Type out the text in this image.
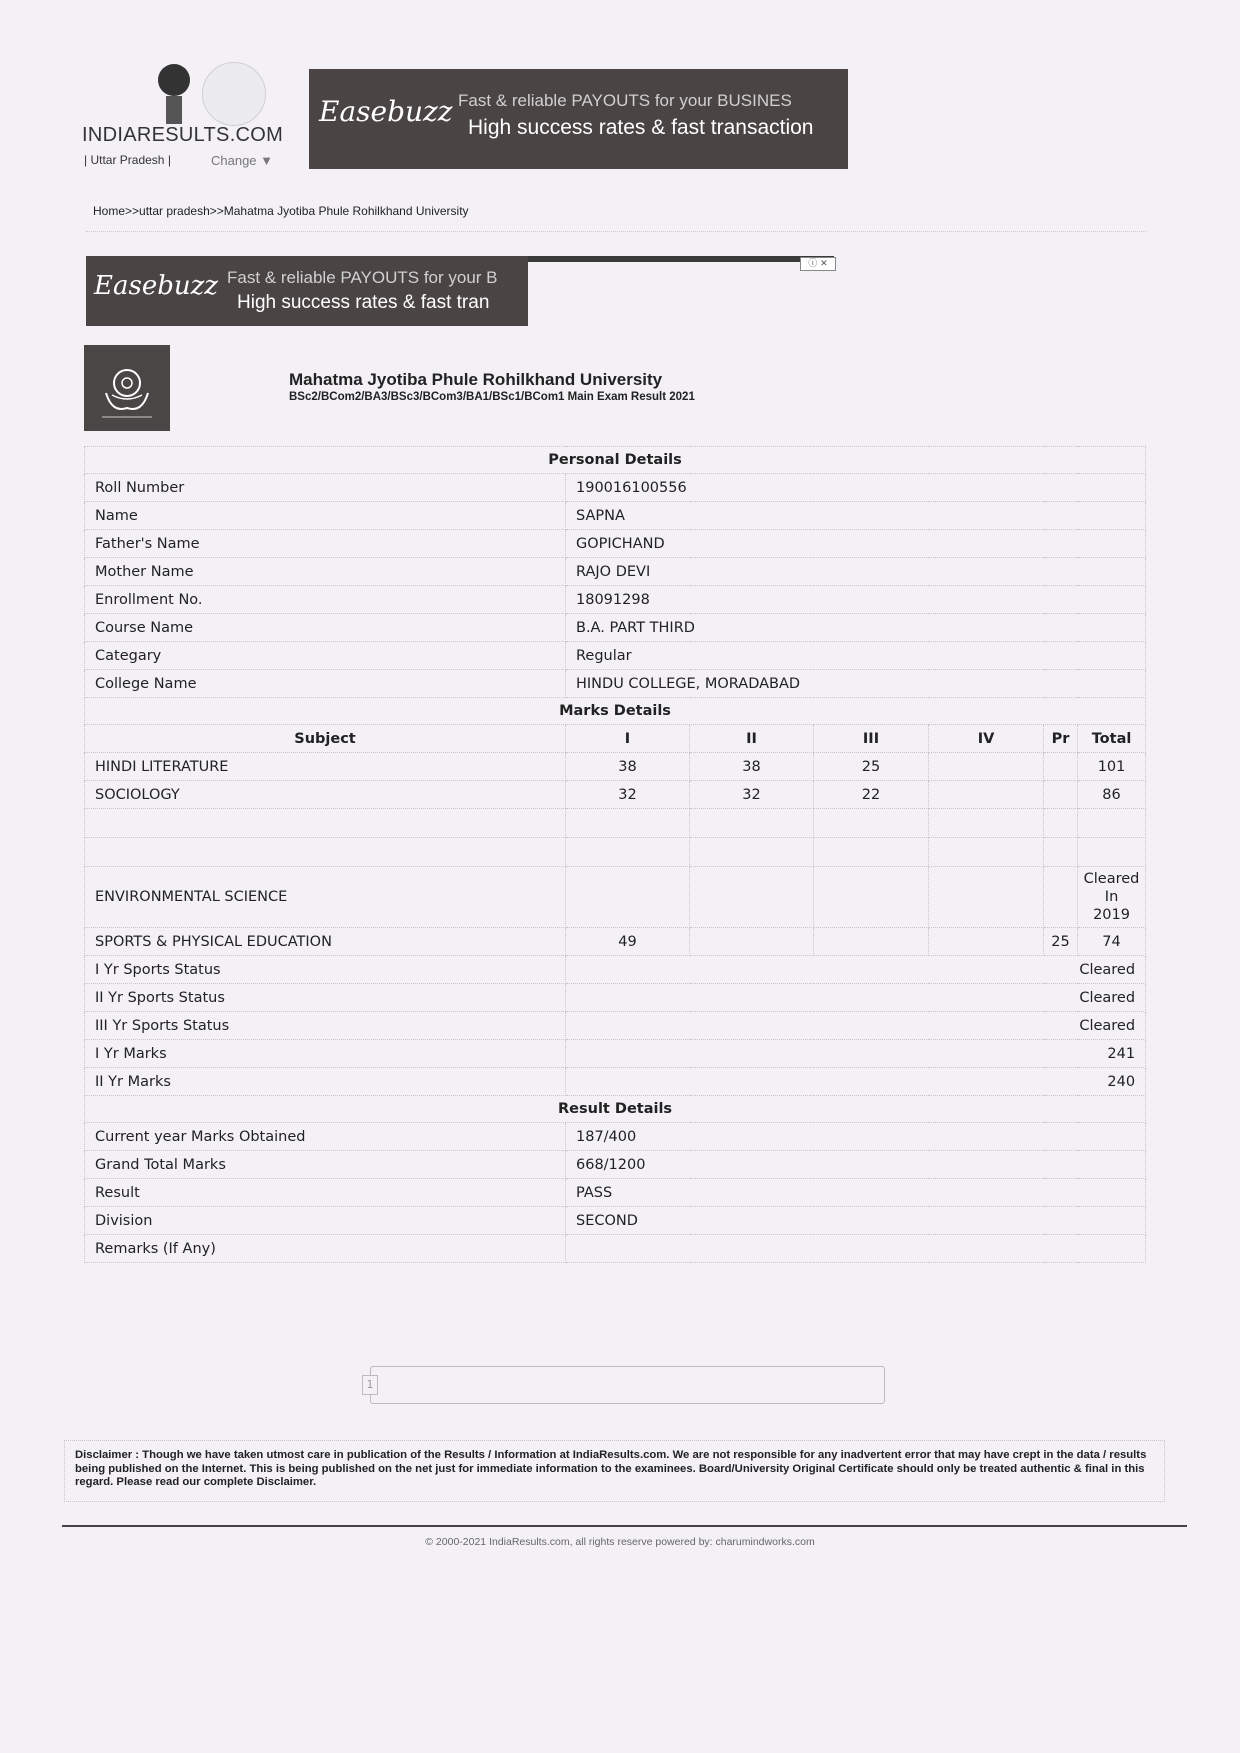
INDIARESULTS.COM
| Uttar Pradesh |	Change ▼
Easebuzz Fast & reliable PAYOUTS for your BUSINES
High success rates & fast transaction
Home>>uttar pradesh>>Mahatma Jyotiba Phule Rohilkhand University
Easebuzz Fast & reliable PAYOUTS for your B
High success rates & fast tran
ⓘ ✕
Mahatma Jyotiba Phule Rohilkhand University
BSc2/BCom2/BA3/BSc3/BCom3/BA1/BSc1/BCom1 Main Exam Result 2021
Personal Details						
Roll Number	190016100556					
Name	SAPNA					
Father's Name	GOPICHAND					
Mother Name	RAJO DEVI					
Enrollment No.	18091298					
Course Name	B.A. PART THIRD					
Categary	Regular					
College Name	HINDU COLLEGE, MORADABAD					
Marks Details						
Subject	I	II	III	IV	Pr	Total
HINDI LITERATURE	38	38	25			101
SOCIOLOGY	32	32	22			86

ENVIRONMENTAL SCIENCE						Cleared
In
2019

SPORTS & PHYSICAL EDUCATION	49				25	74
I Yr Sports Status	Cleared					
II Yr Sports Status	Cleared					
III Yr Sports Status	Cleared					
I Yr Marks	241					
II Yr Marks	240					
Result Details						
Current year Marks Obtained	187/400					
Grand Total Marks	668/1200					
Result	PASS					
Division	SECOND					
Remarks (If Any)						
1
Disclaimer : Though we have taken utmost care in publication of the Results / Information at IndiaResults.com. We are not responsible for any inadvertent error that may have crept in the data / results being published on the Internet. This is being published on the net just for immediate information to the examinees. Board/University Original Certificate should only be treated authentic & final in this regard. Please read our complete Disclaimer.
© 2000-2021 IndiaResults.com, all rights reserve powered by: charumindworks.com
